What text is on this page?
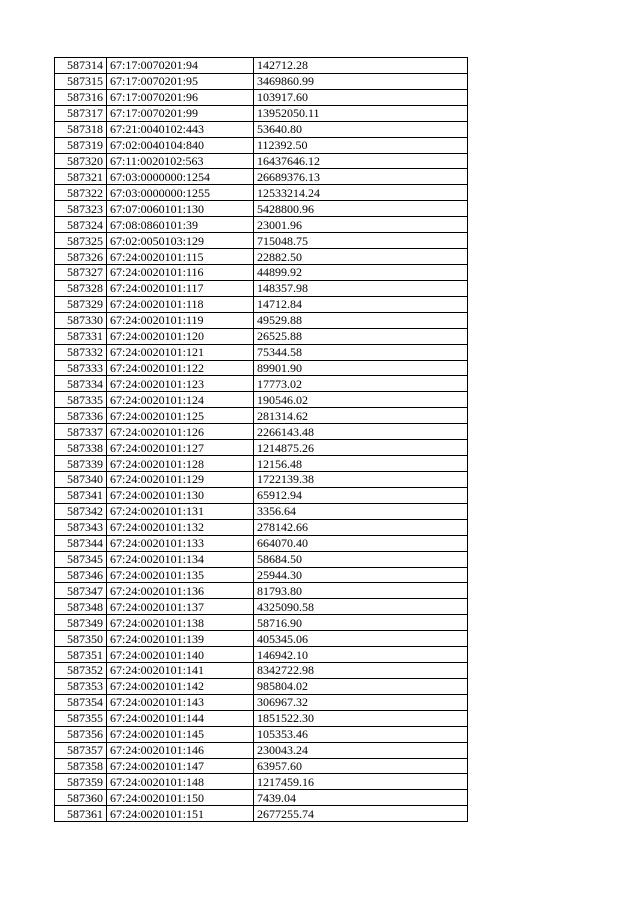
587314	67:17:0070201:94	142712.28
587315	67:17:0070201:95	3469860.99
587316	67:17:0070201:96	103917.60
587317	67:17:0070201:99	13952050.11
587318	67:21:0040102:443	53640.80
587319	67:02:0040104:840	112392.50
587320	67:11:0020102:563	16437646.12
587321	67:03:0000000:1254	26689376.13
587322	67:03:0000000:1255	12533214.24
587323	67:07:0060101:130	5428800.96
587324	67:08:0860101:39	23001.96
587325	67:02:0050103:129	715048.75
587326	67:24:0020101:115	22882.50
587327	67:24:0020101:116	44899.92
587328	67:24:0020101:117	148357.98
587329	67:24:0020101:118	14712.84
587330	67:24:0020101:119	49529.88
587331	67:24:0020101:120	26525.88
587332	67:24:0020101:121	75344.58
587333	67:24:0020101:122	89901.90
587334	67:24:0020101:123	17773.02
587335	67:24:0020101:124	190546.02
587336	67:24:0020101:125	281314.62
587337	67:24:0020101:126	2266143.48
587338	67:24:0020101:127	1214875.26
587339	67:24:0020101:128	12156.48
587340	67:24:0020101:129	1722139.38
587341	67:24:0020101:130	65912.94
587342	67:24:0020101:131	3356.64
587343	67:24:0020101:132	278142.66
587344	67:24:0020101:133	664070.40
587345	67:24:0020101:134	58684.50
587346	67:24:0020101:135	25944.30
587347	67:24:0020101:136	81793.80
587348	67:24:0020101:137	4325090.58
587349	67:24:0020101:138	58716.90
587350	67:24:0020101:139	405345.06
587351	67:24:0020101:140	146942.10
587352	67:24:0020101:141	8342722.98
587353	67:24:0020101:142	985804.02
587354	67:24:0020101:143	306967.32
587355	67:24:0020101:144	1851522.30
587356	67:24:0020101:145	105353.46
587357	67:24:0020101:146	230043.24
587358	67:24:0020101:147	63957.60
587359	67:24:0020101:148	1217459.16
587360	67:24:0020101:150	7439.04
587361	67:24:0020101:151	2677255.74
